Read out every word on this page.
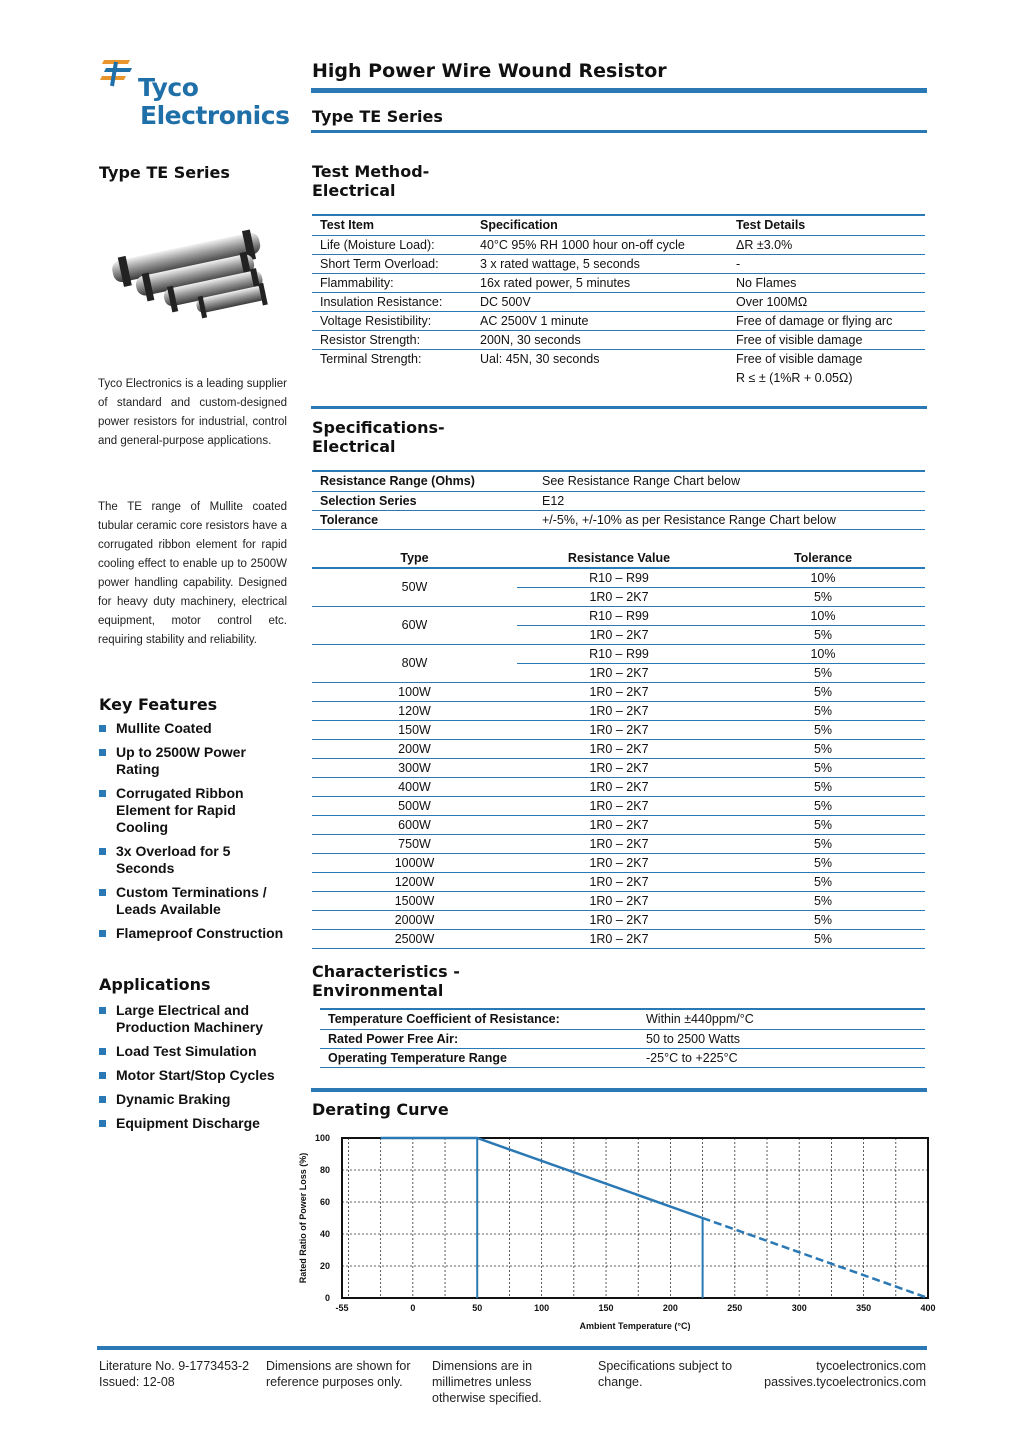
Tyco
Electronics
High Power Wire Wound Resistor
Type TE Series
Type TE Series
Tyco Electronics is a leading supplier of standard and custom-designed power resistors for industrial, control and general-purpose applications.
The TE range of Mullite coated tubular ceramic core resistors have a corrugated ribbon element for rapid cooling effect to enable up to 2500W power handling capability. Designed for heavy duty machinery, electrical equipment, motor control etc. requiring stability and reliability.
Key Features
Mullite Coated
Up to 2500W Power Rating
Corrugated Ribbon Element for Rapid Cooling
3x Overload for 5 Seconds
Custom Terminations / Leads Available
Flameproof Construction
Applications
Large Electrical and Production Machinery
Load Test Simulation
Motor Start/Stop Cycles
Dynamic Braking
Equipment Discharge
Test Method-
Electrical
Test Item	Specification	Test Details
Life (Moisture Load):	40°C 95% RH 1000 hour on-off cycle	ΔR ±3.0%
Short Term Overload:	3 x rated wattage, 5 seconds	-
Flammability:	16x rated power, 5 minutes	No Flames
Insulation Resistance:	DC 500V	Over 100MΩ
Voltage Resistibility:	AC 2500V 1 minute	Free of damage or flying arc
Resistor Strength:	200N, 30 seconds	Free of visible damage
Terminal Strength:	Ual: 45N, 30 seconds	Free of visible damage
		R ≤ ± (1%R + 0.05Ω)
Specifications-
Electrical
Resistance Range (Ohms)	See Resistance Range Chart below
Selection Series	E12
Tolerance	+/-5%, +/-10% as per Resistance Range Chart below
Type	Resistance Value	Tolerance
50W	R10 – R99	10%
	1R0 – 2K7	5%
60W	R10 – R99	10%
	1R0 – 2K7	5%
80W	R10 – R99	10%
	1R0 – 2K7	5%
100W	1R0 – 2K7	5%
120W	1R0 – 2K7	5%
150W	1R0 – 2K7	5%
200W	1R0 – 2K7	5%
300W	1R0 – 2K7	5%
400W	1R0 – 2K7	5%
500W	1R0 – 2K7	5%
600W	1R0 – 2K7	5%
750W	1R0 – 2K7	5%
1000W	1R0 – 2K7	5%
1200W	1R0 – 2K7	5%
1500W	1R0 – 2K7	5%
2000W	1R0 – 2K7	5%
2500W	1R0 – 2K7	5%
Characteristics -
Environmental
Temperature Coefficient of Resistance:	Within ±440ppm/°C
Rated Power Free Air:	50 to 2500 Watts
Operating Temperature Range	-25°C to +225°C
Derating Curve
-55	0	50	100	150	200	250	300	350	400
0
20
40
60
80
100
Ambient Temperature (°C)
Rated Ratio of Power Loss (%)
Literature No. 9-1773453-2
Issued: 12-08
Dimensions are shown for
reference purposes only.
Dimensions are in
millimetres unless
otherwise specified.
Specifications subject to
change.
tycoelectronics.com
passives.tycoelectronics.com
